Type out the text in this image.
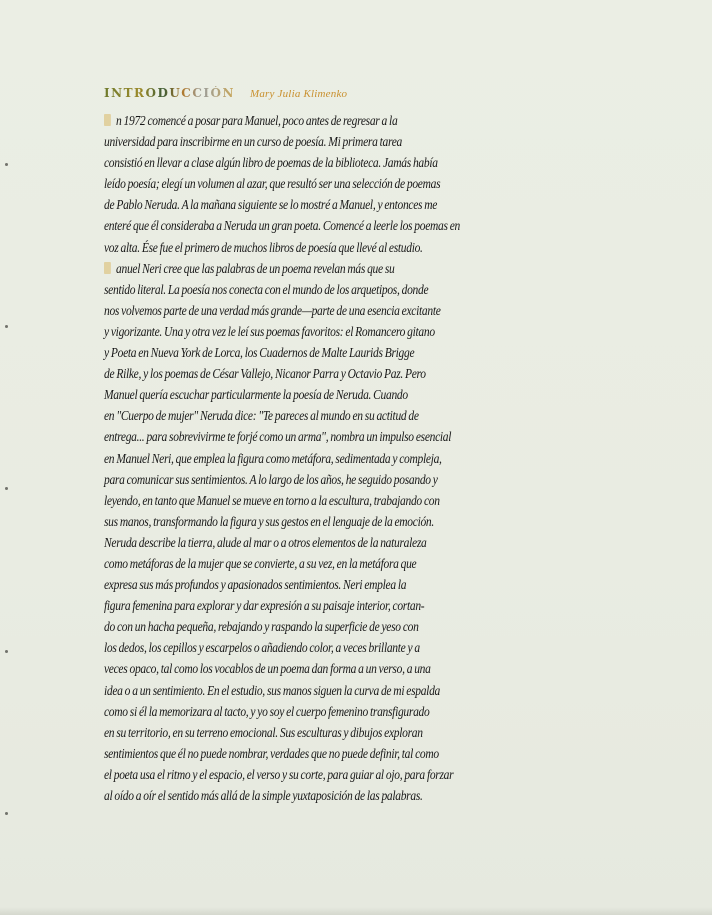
INTRODUCCIÓN Mary Julia Klimenko
n 1972 comencé a posar para Manuel, poco antes de regresar a la
universidad para inscribirme en un curso de poesía. Mi primera tarea
consistió en llevar a clase algún libro de poemas de la biblioteca. Jamás había
leído poesía; elegí un volumen al azar, que resultó ser una selección de poemas
de Pablo Neruda. A la mañana siguiente se lo mostré a Manuel, y entonces me
enteré que él consideraba a Neruda un gran poeta. Comencé a leerle los poemas en
voz alta. Ése fue el primero de muchos libros de poesía que llevé al estudio.
anuel Neri cree que las palabras de un poema revelan más que su
sentido literal. La poesía nos conecta con el mundo de los arquetipos, donde
nos volvemos parte de una verdad más grande—parte de una esencia excitante
y vigorizante. Una y otra vez le leí sus poemas favoritos: el Romancero gitano
y Poeta en Nueva York de Lorca, los Cuadernos de Malte Laurids Brigge
de Rilke, y los poemas de César Vallejo, Nicanor Parra y Octavio Paz. Pero
Manuel quería escuchar particularmente la poesía de Neruda. Cuando
en "Cuerpo de mujer" Neruda dice: "Te pareces al mundo en su actitud de
entrega... para sobrevivirme te forjé como un arma", nombra un impulso esencial
en Manuel Neri, que emplea la figura como metáfora, sedimentada y compleja,
para comunicar sus sentimientos. A lo largo de los años, he seguido posando y
leyendo, en tanto que Manuel se mueve en torno a la escultura, trabajando con
sus manos, transformando la figura y sus gestos en el lenguaje de la emoción.
Neruda describe la tierra, alude al mar o a otros elementos de la naturaleza
como metáforas de la mujer que se convierte, a su vez, en la metáfora que
expresa sus más profundos y apasionados sentimientos. Neri emplea la
figura femenina para explorar y dar expresión a su paisaje interior, cortan-
do con un hacha pequeña, rebajando y raspando la superficie de yeso con
los dedos, los cepillos y escarpelos o añadiendo color, a veces brillante y a
veces opaco, tal como los vocablos de un poema dan forma a un verso, a una
idea o a un sentimiento. En el estudio, sus manos siguen la curva de mi espalda
como si él la memorizara al tacto, y yo soy el cuerpo femenino transfigurado
en su territorio, en su terreno emocional. Sus esculturas y dibujos exploran
sentimientos que él no puede nombrar, verdades que no puede definir, tal como
el poeta usa el ritmo y el espacio, el verso y su corte, para guiar al ojo, para forzar
al oído a oír el sentido más allá de la simple yuxtaposición de las palabras.
